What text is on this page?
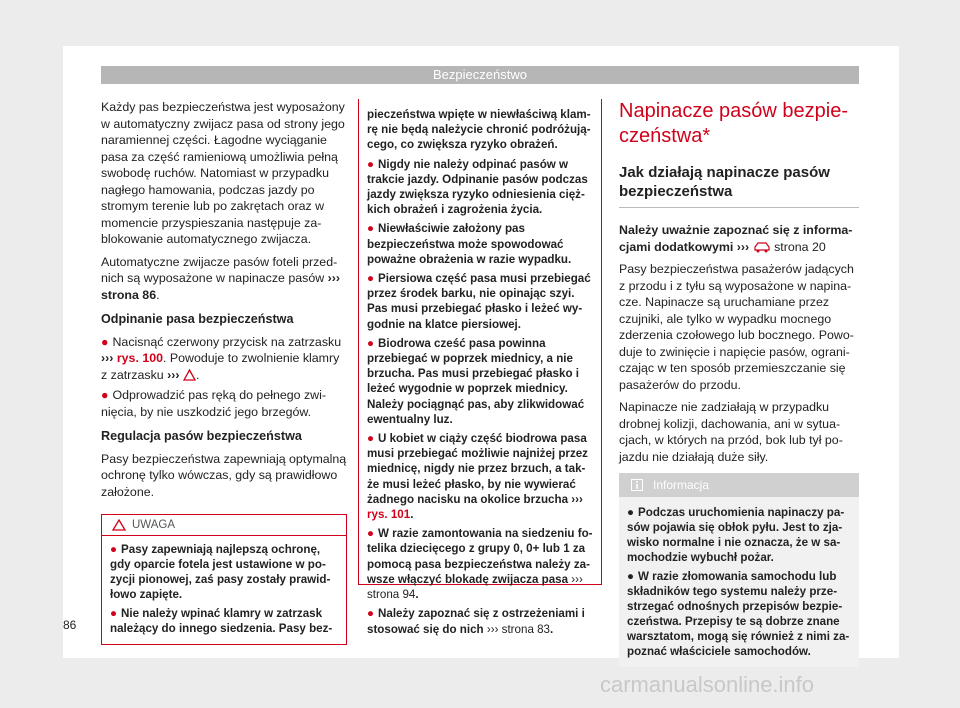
Bezpieczeństwo

Każdy pas bezpieczeństwa jest wyposażony w automatyczny zwijacz pasa od strony jego naramiennej części. Łagodne wyciąganie pasa za część ramieniową umożliwia pełną swobodę ruchów. Natomiast w przypadku nagłego hamowania, podczas jazdy po stromym terenie lub po zakrętach oraz w momencie przyspieszania następuje zablokowanie automatycznego zwijacza.

Automatyczne zwijacze pasów foteli przednich są wyposażone w napinacze pasów ››› strona 86.

Odpinanie pasa bezpieczeństwa

● Nacisnąć czerwony przycisk na zatrzasku ››› rys. 100. Powoduje to zwolnienie klamry z zatrzasku ››› .

● Odprowadzić pas ręką do pełnego zwinięcia, by nie uszkodzić jego brzegów.

Regulacja pasów bezpieczeństwa

Pasy bezpieczeństwa zapewniają optymalną ochronę tylko wówczas, gdy są prawidłowo założone.

UWAGA

● Pasy zapewniają najlepszą ochronę, gdy oparcie fotela jest ustawione w pozycji pionowej, zaś pasy zostały prawidłowo zapięte.

● Nie należy wpinać klamry w zatrzask należący do innego siedzenia. Pasy bez-

pieczeństwa wpięte w niewłaściwą klamrę nie będą należycie chronić podróżującego, co zwiększa ryzyko obrażeń.

● Nigdy nie należy odpinać pasów w trakcie jazdy. Odpinanie pasów podczas jazdy zwiększa ryzyko odniesienia ciężkich obrażeń i zagrożenia życia.

● Niewłaściwie założony pas bezpieczeństwa może spowodować poważne obrażenia w razie wypadku.

● Piersiowa część pasa musi przebiegać przez środek barku, nie opinając szyi. Pas musi przebiegać płasko i leżeć wygodnie na klatce piersiowej.

● Biodrowa cześć pasa powinna przebiegać w poprzek miednicy, a nie brzucha. Pas musi przebiegać płasko i leżeć wygodnie w poprzek miednicy. Należy pociągnąć pas, aby zlikwidować ewentualny luz.

● U kobiet w ciąży część biodrowa pasa musi przebiegać możliwie najniżej przez miednicę, nigdy nie przez brzuch, a także musi leżeć płasko, by nie wywierać żadnego nacisku na okolice brzucha ››› rys. 101.

● W razie zamontowania na siedzeniu fotelika dziecięcego z grupy 0, 0+ lub 1 za pomocą pasa bezpieczeństwa należy zawsze włączyć blokadę zwijacza pasa ››› strona 94.

● Należy zapoznać się z ostrzeżeniami i stosować się do nich ››› strona 83.

Napinacze pasów bezpieczeństwa*
Jak działają napinacze pasów bezpieczeństwa

Należy uważnie zapoznać się z informacjami dodatkowymi ››› strona 20

Pasy bezpieczeństwa pasażerów jadących z przodu i z tyłu są wyposażone w napinacze. Napinacze są uruchamiane przez czujniki, ale tylko w wypadku mocnego zderzenia czołowego lub bocznego. Powoduje to zwinięcie i napięcie pasów, ograniczając w ten sposób przemieszczanie się pasażerów do przodu.

Napinacze nie zadziałają w przypadku drobnej kolizji, dachowania, ani w sytuacjach, w których na przód, bok lub tył pojazdu nie działają duże siły.

Informacja

● Podczas uruchomienia napinaczy pasów pojawia się obłok pyłu. Jest to zjawisko normalne i nie oznacza, że w samochodzie wybuchł pożar.

● W razie złomowania samochodu lub składników tego systemu należy przestrzegać odnośnych przepisów bezpieczeństwa. Przepisy te są dobrze znane warsztatom, mogą się również z nimi zapoznać właściciele samochodów.

86
carmanualsonline.info
